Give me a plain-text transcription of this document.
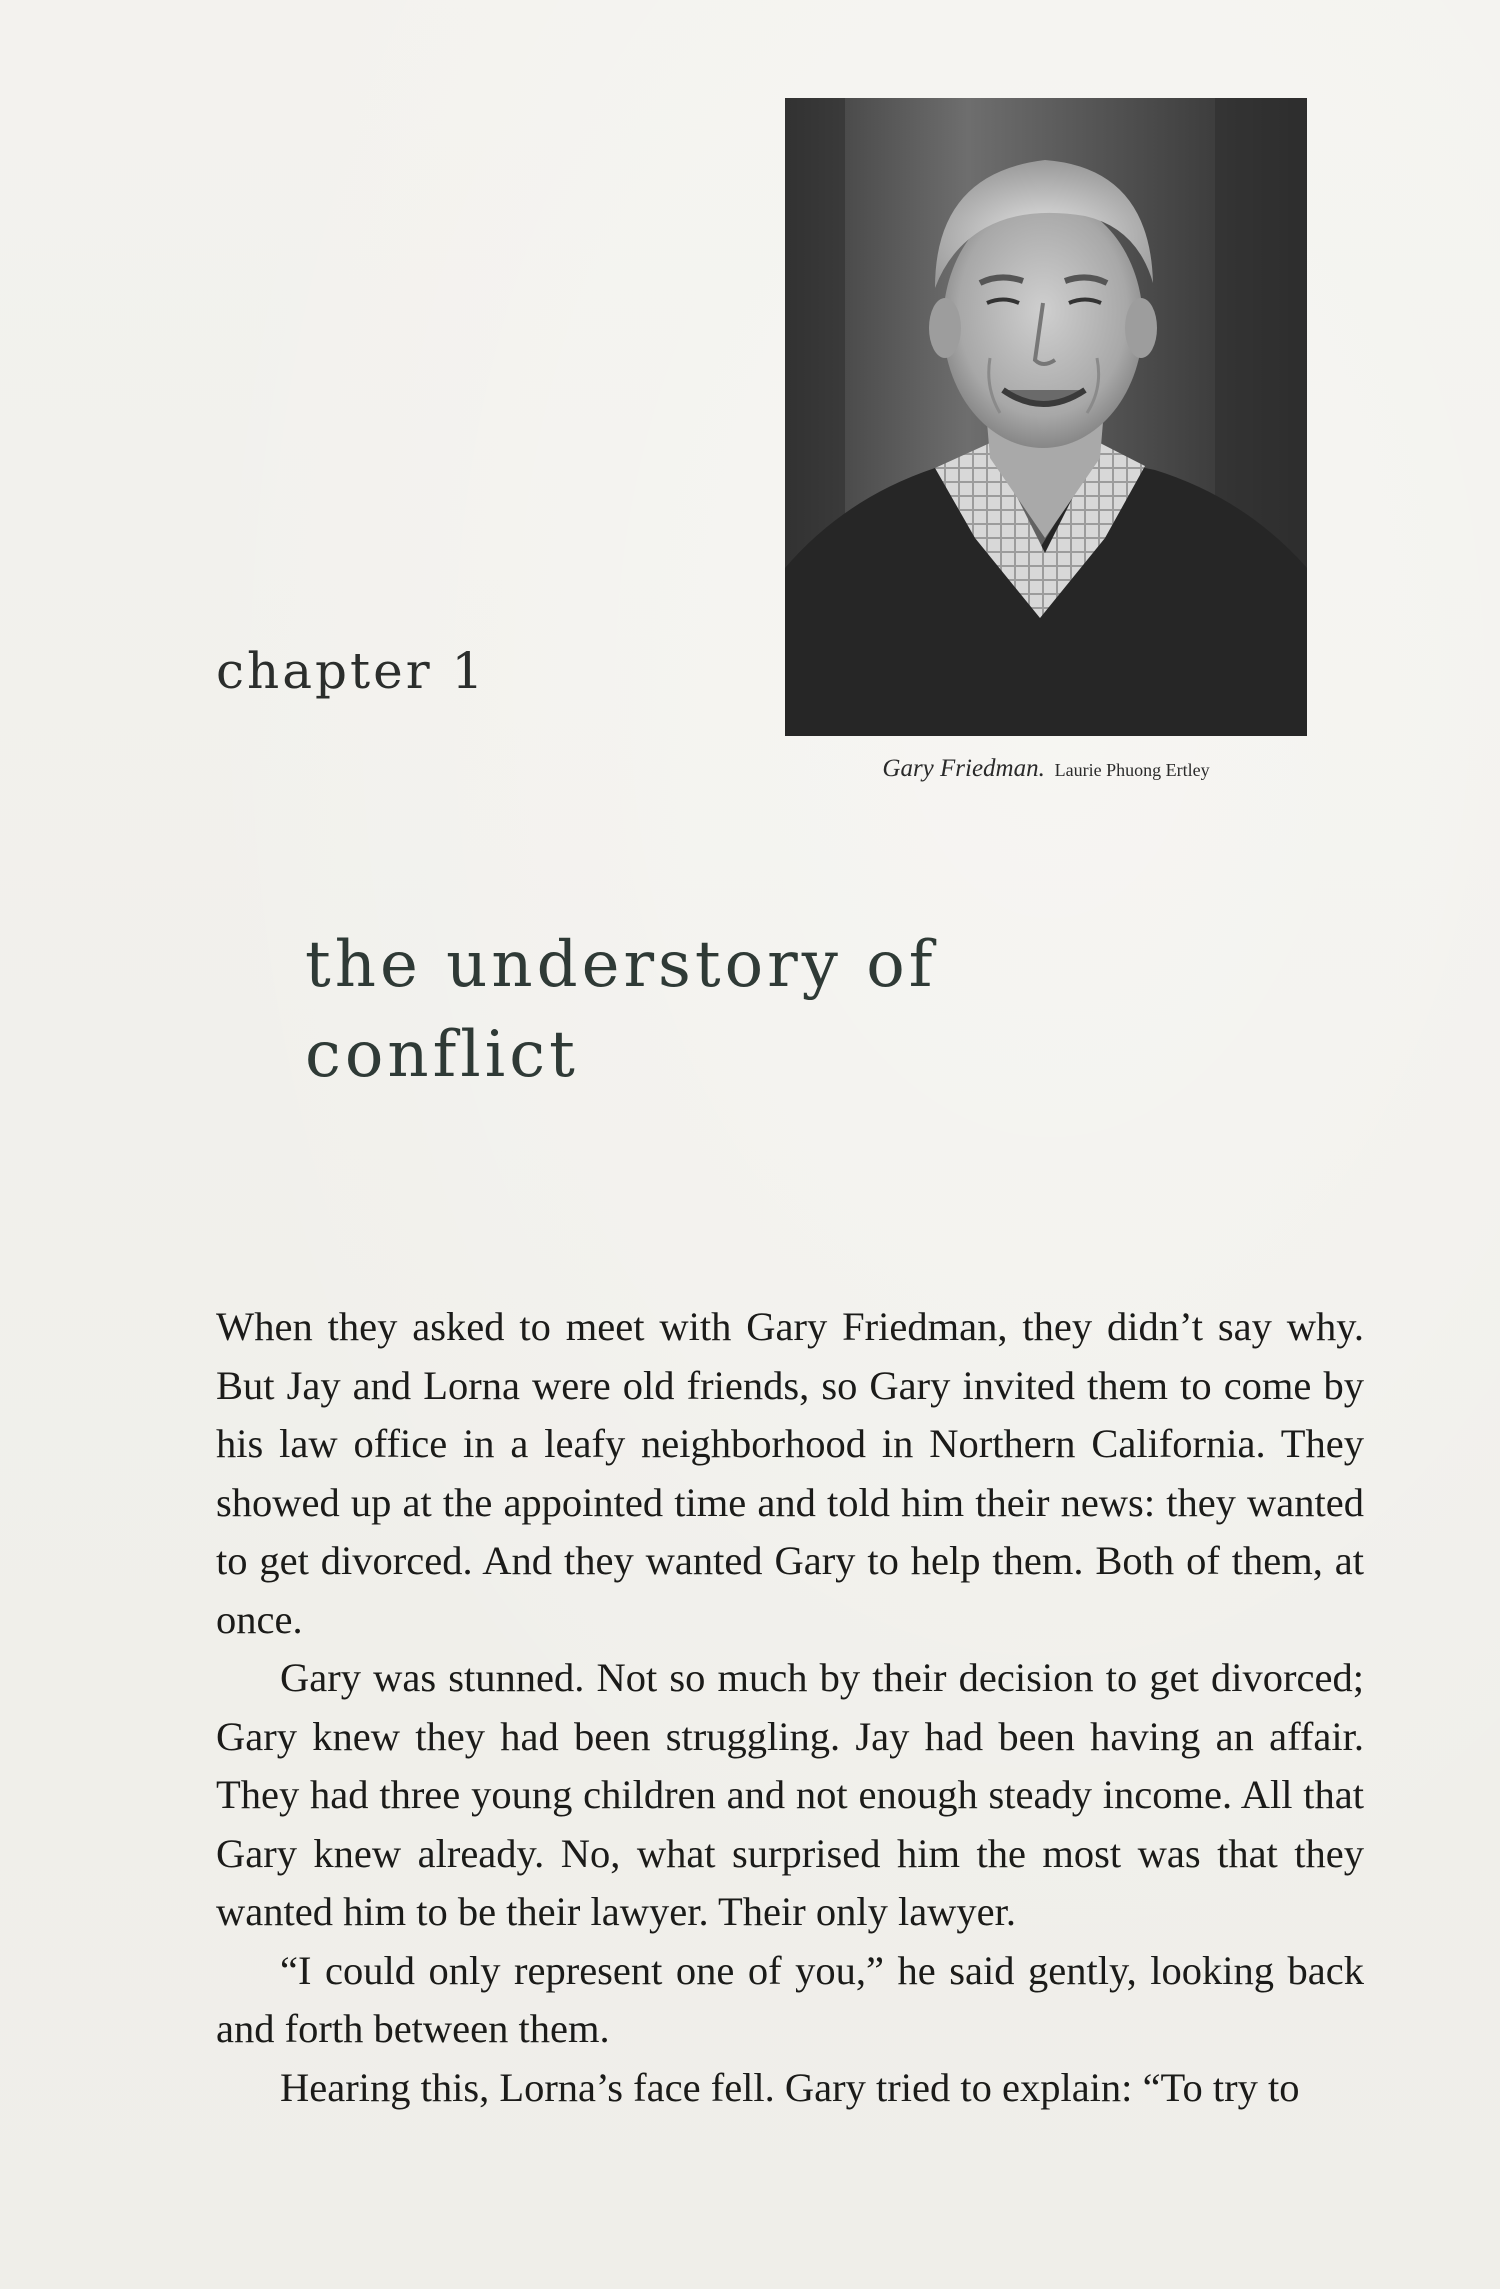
Gary Friedman. Laurie Phuong Ertley
chapter 1
the understory of
conflict

When they asked to meet with Gary Friedman, they didn’t say why. But Jay and Lorna were old friends, so Gary invited them to come by his law office in a leafy neighborhood in Northern California. They showed up at the appointed time and told him their news: they wanted to get divorced. And they wanted Gary to help them. Both of them, at once.

Gary was stunned. Not so much by their decision to get divorced; Gary knew they had been struggling. Jay had been having an affair. They had three young children and not enough steady income. All that Gary knew already. No, what surprised him the most was that they wanted him to be their lawyer. Their only lawyer.

“I could only represent one of you,” he said gently, looking back and forth between them.

Hearing this, Lorna’s face fell. Gary tried to explain: “To try to
